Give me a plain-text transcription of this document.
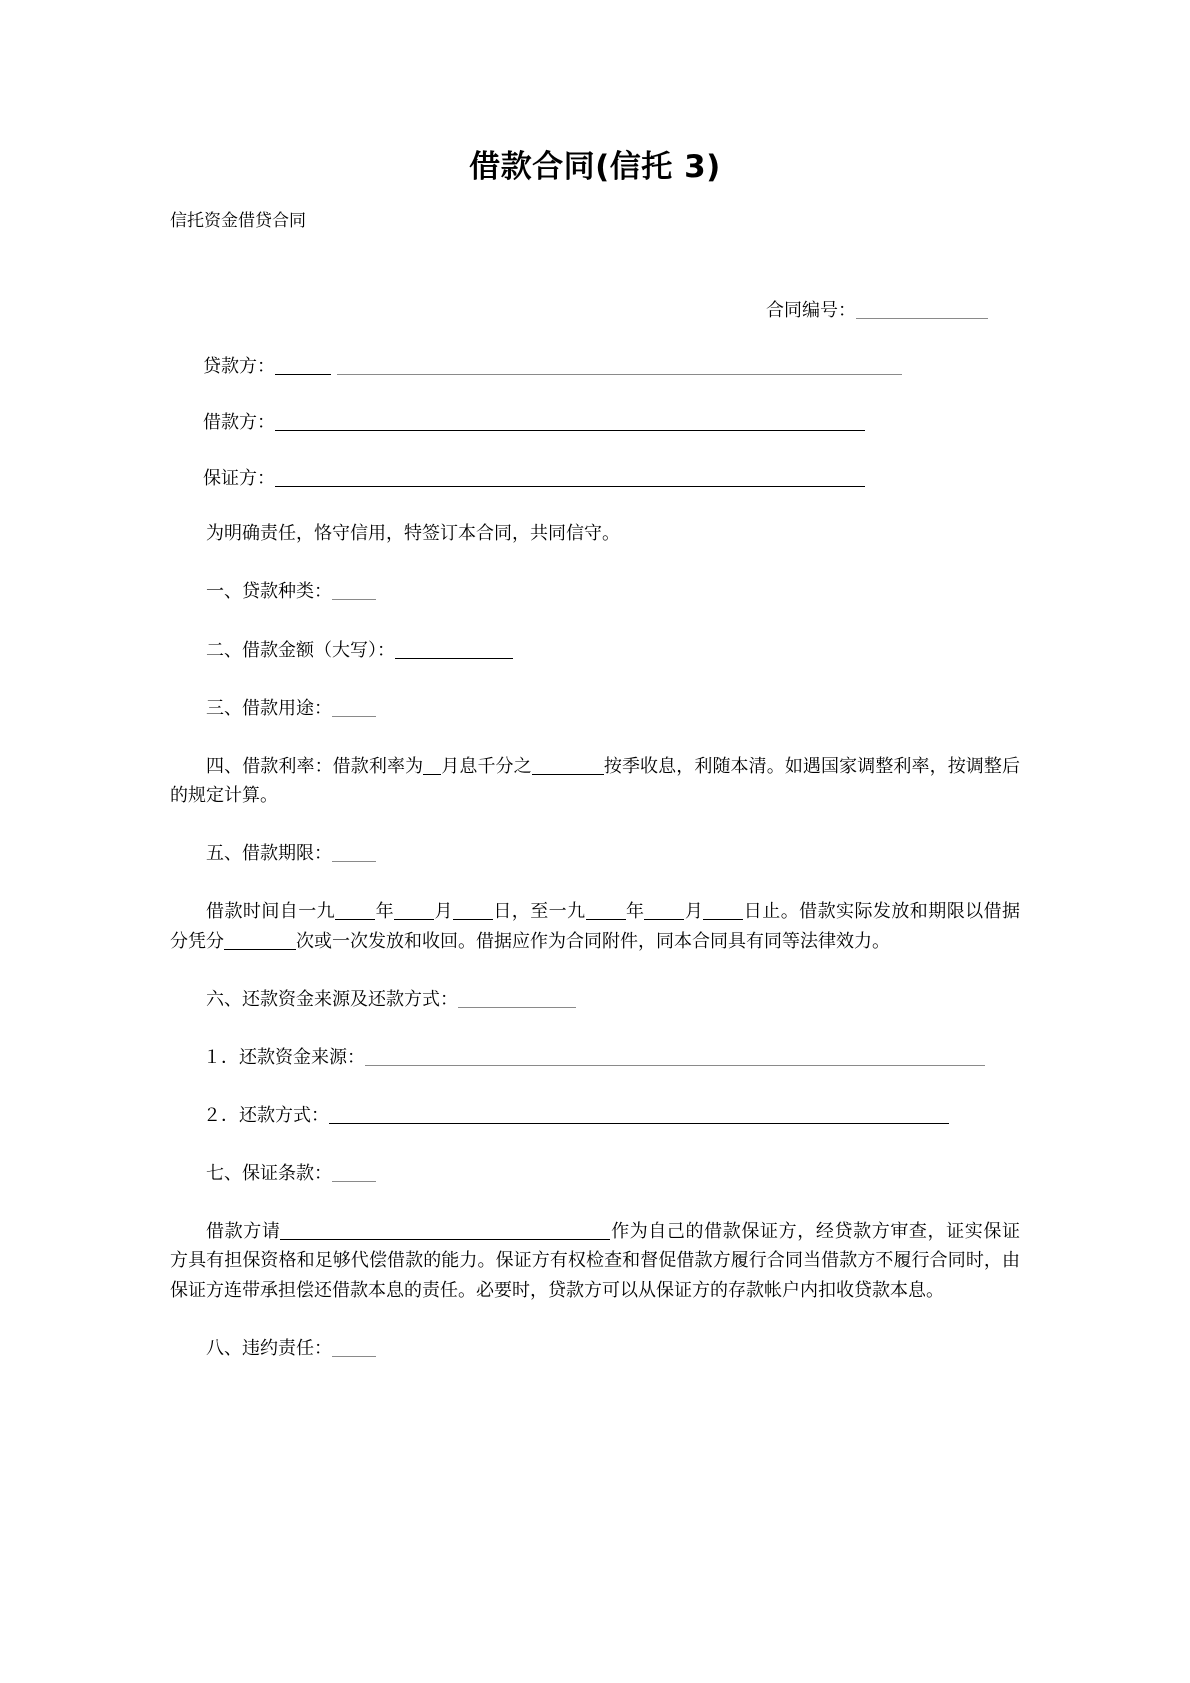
借款合同(信托 3)

信托资金借贷合同

合同编号：

贷款方：

借款方：

保证方：

为明确责任，恪守信用，特签订本合同，共同信守。

一、贷款种类：

二、借款金额（大写）：

三、借款用途：

四、借款利率：借款利率为 月息千分之	按季收息，利随本清。如遇国家调整利率，按调整后的规定计算。

五、借款期限：

借款时间自一九 年 月 日，至一九 年 月 日止。借款实际发放和期限以借据分凭分	次或一次发放和收回。借据应作为合同附件，同本合同具有同等法律效力。

六、还款资金来源及还款方式：

１．还款资金来源：

２．还款方式：

七、保证条款：

借款方请	作为自己的借款保证方，经贷款方审查，证实保证方具有担保资格和足够代偿借款的能力。保证方有权检查和督促借款方履行合同当借款方不履行合同时，由保证方连带承担偿还借款本息的责任。必要时，贷款方可以从保证方的存款帐户内扣收贷款本息。

八、违约责任：
